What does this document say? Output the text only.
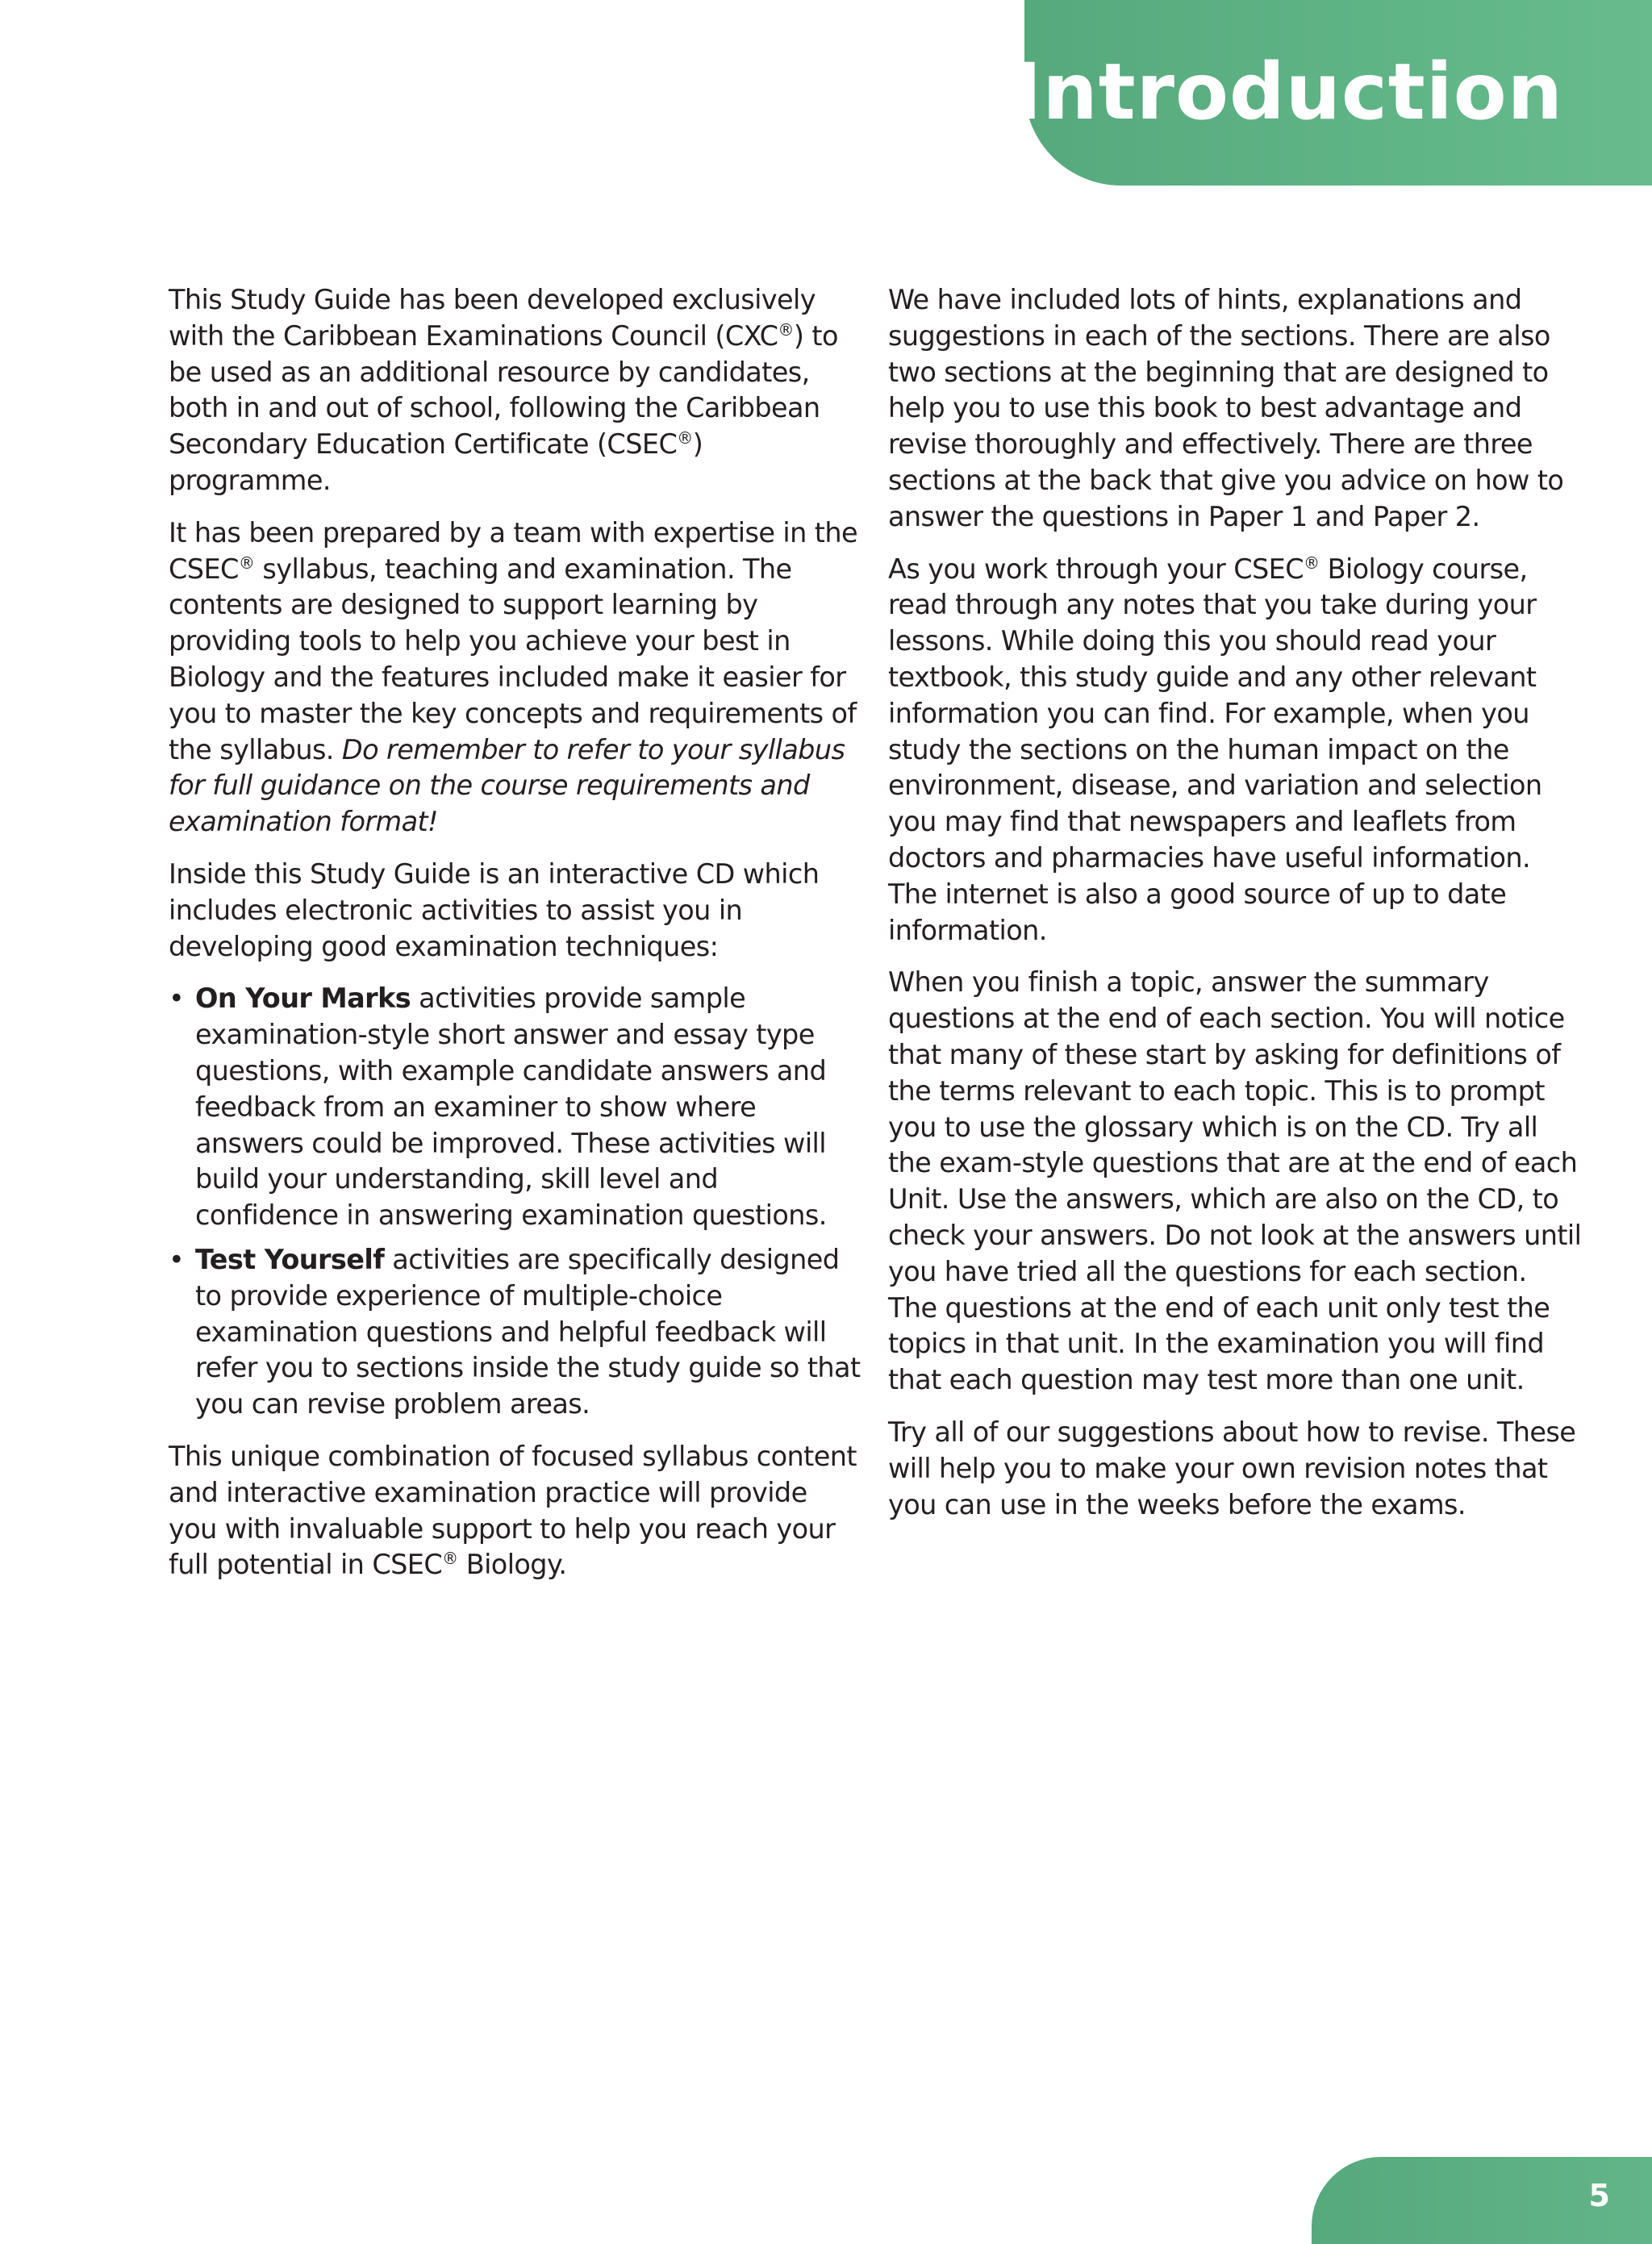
Introduction

This Study Guide has been developed exclusively with the Caribbean Examinations Council (CXC®) to be used as an additional resource by candidates, both in and out of school, following the Caribbean Secondary Education Certificate (CSEC®) programme.

It has been prepared by a team with expertise in the CSEC® syllabus, teaching and examination. The contents are designed to support learning by providing tools to help you achieve your best in Biology and the features included make it easier for you to master the key concepts and requirements of the syllabus. Do remember to refer to your syllabus for full guidance on the course requirements and examination format!

Inside this Study Guide is an interactive CD which includes electronic activities to assist you in developing good examination techniques:

• On Your Marks activities provide sample examination-style short answer and essay type questions, with example candidate answers and feedback from an examiner to show where answers could be improved. These activities will build your understanding, skill level and confidence in answering examination questions.
• Test Yourself activities are specifically designed to provide experience of multiple-choice examination questions and helpful feedback will refer you to sections inside the study guide so that you can revise problem areas.

This unique combination of focused syllabus content and interactive examination practice will provide you with invaluable support to help you reach your full potential in CSEC® Biology.

We have included lots of hints, explanations and suggestions in each of the sections. There are also two sections at the beginning that are designed to help you to use this book to best advantage and revise thoroughly and effectively. There are three sections at the back that give you advice on how to answer the questions in Paper 1 and Paper 2.

As you work through your CSEC® Biology course, read through any notes that you take during your lessons. While doing this you should read your textbook, this study guide and any other relevant information you can find. For example, when you study the sections on the human impact on the environment, disease, and variation and selection you may find that newspapers and leaflets from doctors and pharmacies have useful information. The internet is also a good source of up to date information.

When you finish a topic, answer the summary questions at the end of each section. You will notice that many of these start by asking for definitions of the terms relevant to each topic. This is to prompt you to use the glossary which is on the CD. Try all the exam-style questions that are at the end of each Unit. Use the answers, which are also on the CD, to check your answers. Do not look at the answers until you have tried all the questions for each section. The questions at the end of each unit only test the topics in that unit. In the examination you will find that each question may test more than one unit.

Try all of our suggestions about how to revise. These will help you to make your own revision notes that you can use in the weeks before the exams.

5
